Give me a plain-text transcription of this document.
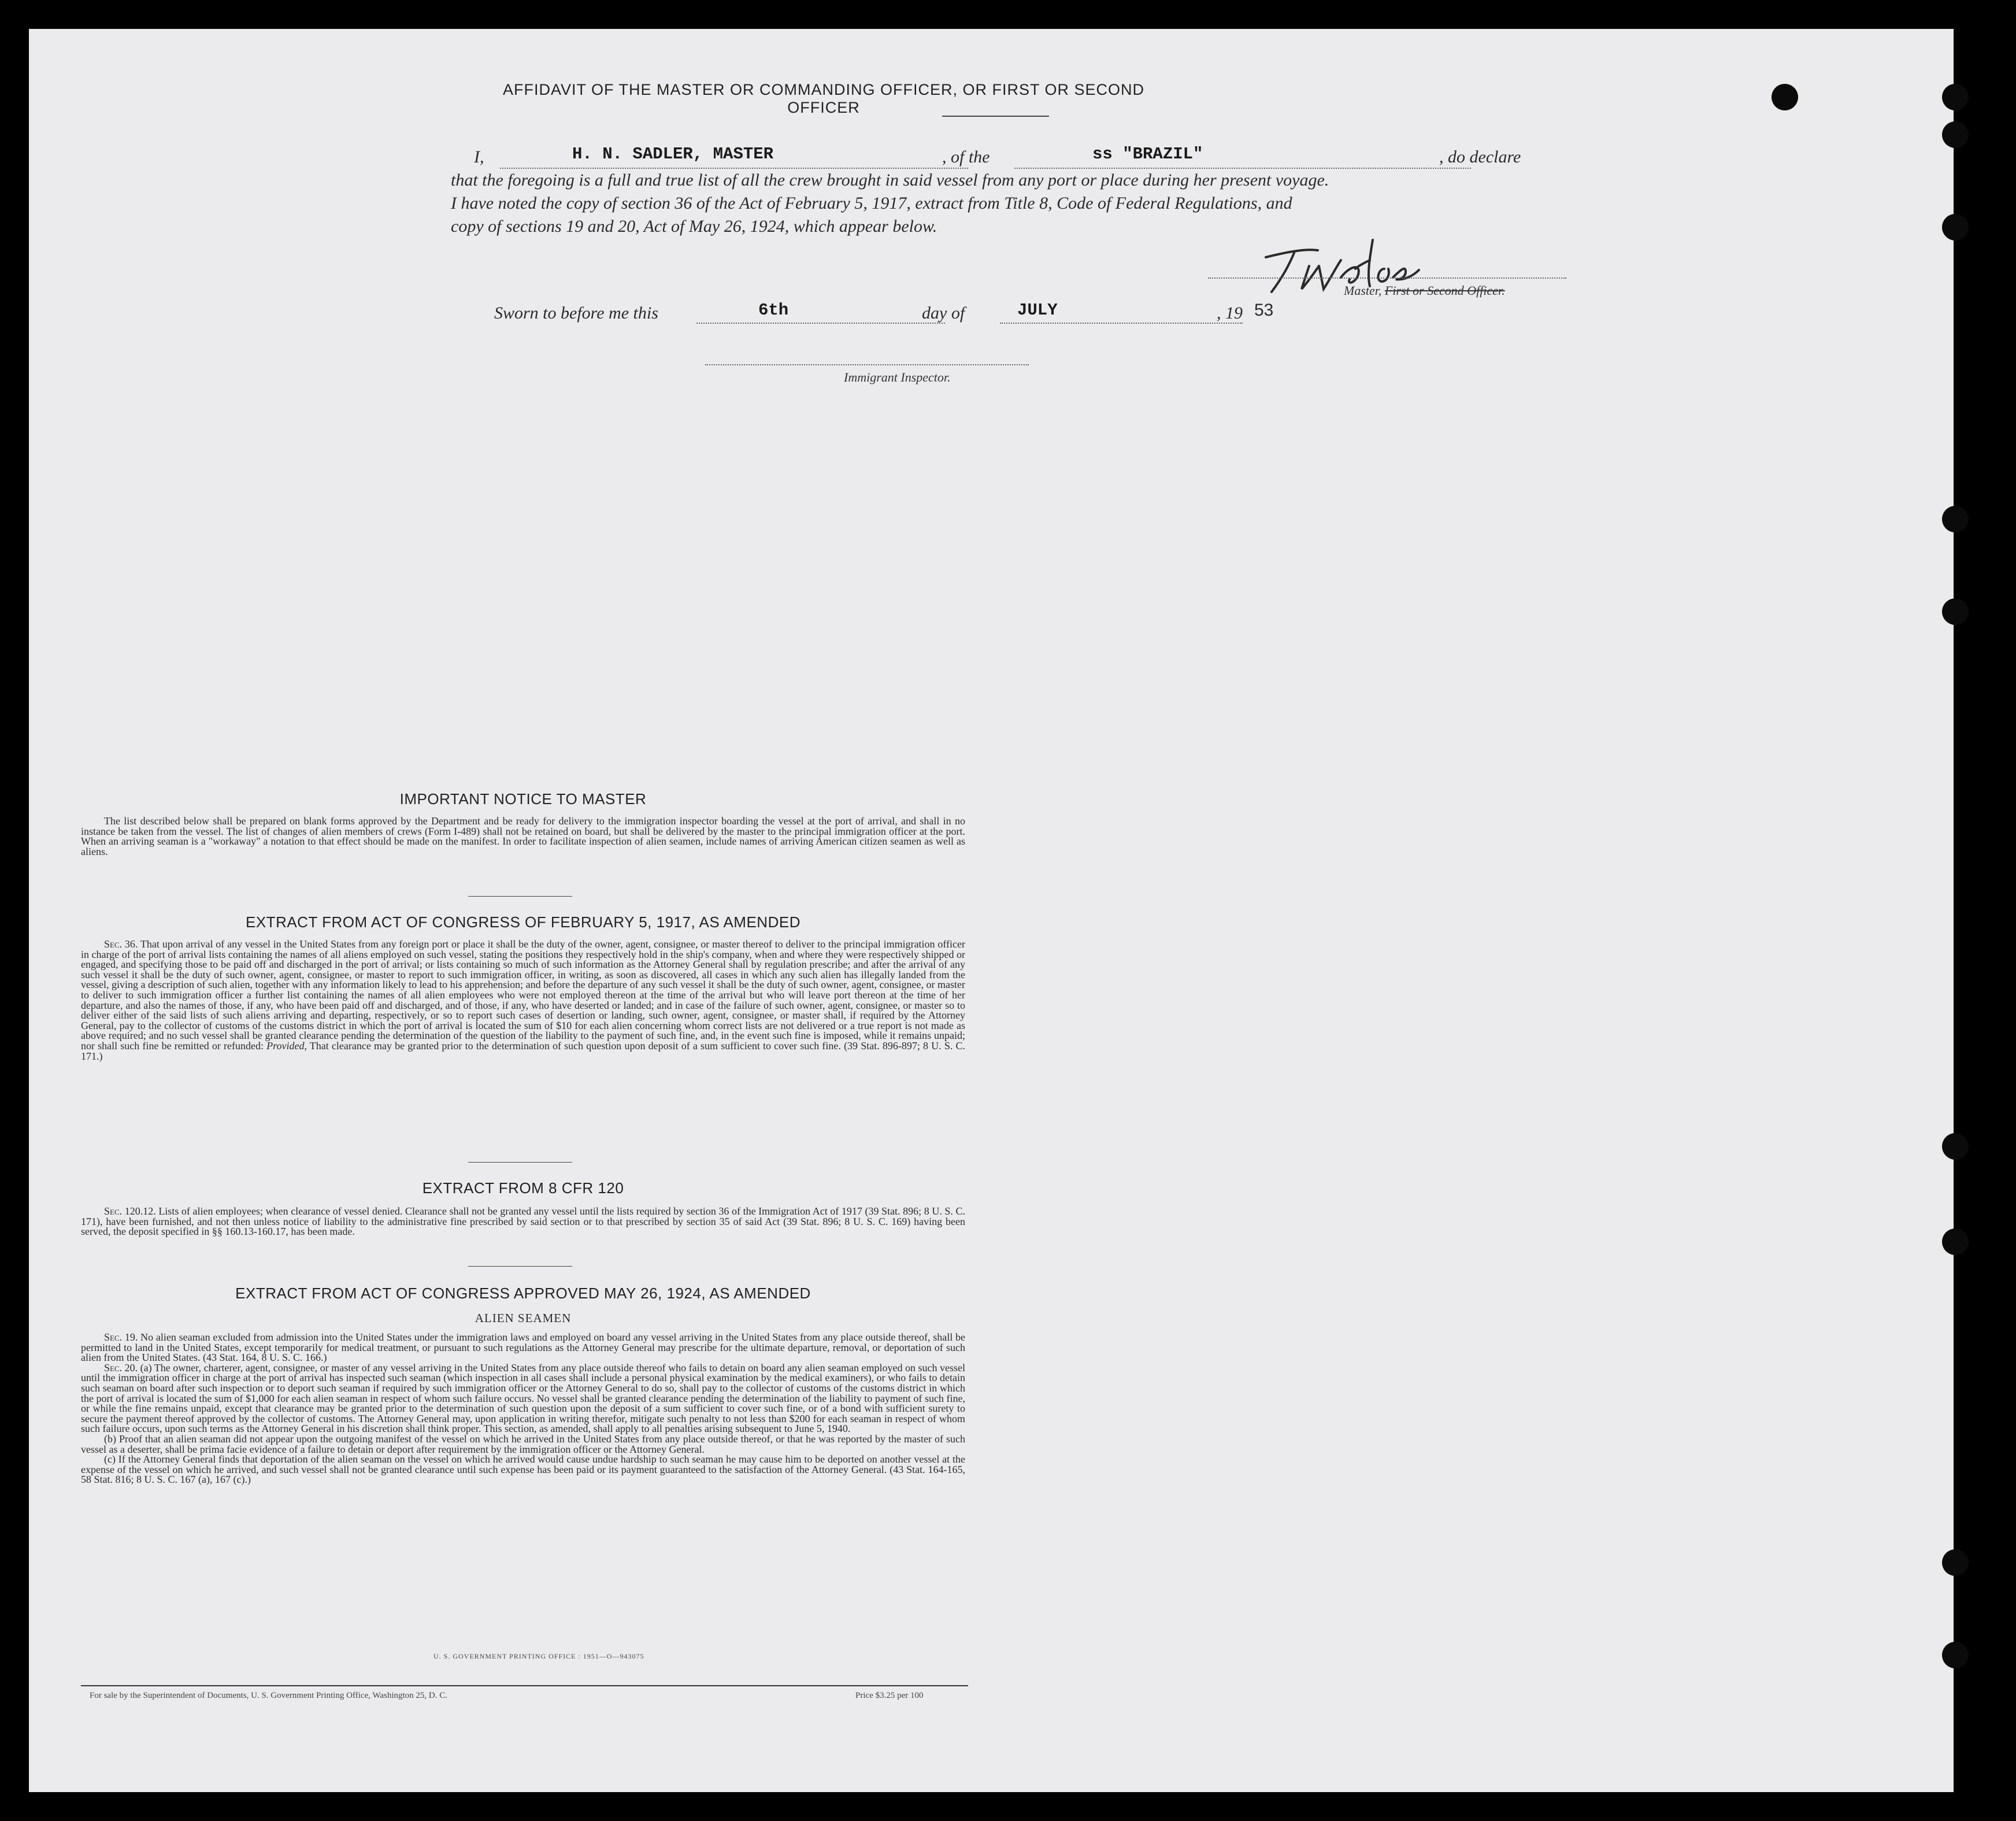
AFFIDAVIT OF THE MASTER OR COMMANDING OFFICER, OR FIRST OR SECOND OFFICER
I,	H. N. SADLER, MASTER	, of the	ss "BRAZIL"	, do declare
that the foregoing is a full and true list of all the crew brought in said vessel from any port or place during her present voyage.
I have noted the copy of section 36 of the Act of February 5, 1917, extract from Title 8, Code of Federal Regulations, and
copy of sections 19 and 20, Act of May 26, 1924, which appear below.
Master, First or Second Officer.
Sworn to before me this	6th	day of	JULY	, 19 53
Immigrant Inspector.
IMPORTANT NOTICE TO MASTER

The list described below shall be prepared on blank forms approved by the Department and be ready for delivery to the immigration inspector boarding the vessel at the port of arrival, and shall in no instance be taken from the vessel. The list of changes of alien members of crews (Form I-489) shall not be retained on board, but shall be delivered by the master to the principal immigration officer at the port. When an arriving seaman is a "workaway" a notation to that effect should be made on the manifest. In order to facilitate inspection of alien seamen, include names of arriving American citizen seamen as well as aliens.

EXTRACT FROM ACT OF CONGRESS OF FEBRUARY 5, 1917, AS AMENDED

Sec. 36. That upon arrival of any vessel in the United States from any foreign port or place it shall be the duty of the owner, agent, consignee, or master thereof to deliver to the principal immigration officer in charge of the port of arrival lists containing the names of all aliens employed on such vessel, stating the positions they respectively hold in the ship's company, when and where they were respectively shipped or engaged, and specifying those to be paid off and discharged in the port of arrival; or lists containing so much of such information as the Attorney General shall by regulation prescribe; and after the arrival of any such vessel it shall be the duty of such owner, agent, consignee, or master to report to such immigration officer, in writing, as soon as discovered, all cases in which any such alien has illegally landed from the vessel, giving a description of such alien, together with any information likely to lead to his apprehension; and before the departure of any such vessel it shall be the duty of such owner, agent, consignee, or master to deliver to such immigration officer a further list containing the names of all alien employees who were not employed thereon at the time of the arrival but who will leave port thereon at the time of her departure, and also the names of those, if any, who have been paid off and discharged, and of those, if any, who have deserted or landed; and in case of the failure of such owner, agent, consignee, or master so to deliver either of the said lists of such aliens arriving and departing, respectively, or so to report such cases of desertion or landing, such owner, agent, consignee, or master shall, if required by the Attorney General, pay to the collector of customs of the customs district in which the port of arrival is located the sum of $10 for each alien concerning whom correct lists are not delivered or a true report is not made as above required; and no such vessel shall be granted clearance pending the determination of the question of the liability to the payment of such fine, and, in the event such fine is imposed, while it remains unpaid; nor shall such fine be remitted or refunded: Provided, That clearance may be granted prior to the determination of such question upon deposit of a sum sufficient to cover such fine. (39 Stat. 896-897; 8 U. S. C. 171.)

EXTRACT FROM 8 CFR 120

Sec. 120.12. Lists of alien employees; when clearance of vessel denied. Clearance shall not be granted any vessel until the lists required by section 36 of the Immigration Act of 1917 (39 Stat. 896; 8 U. S. C. 171), have been furnished, and not then unless notice of liability to the administrative fine prescribed by said section or to that prescribed by section 35 of said Act (39 Stat. 896; 8 U. S. C. 169) having been served, the deposit specified in §§ 160.13-160.17, has been made.

EXTRACT FROM ACT OF CONGRESS APPROVED MAY 26, 1924, AS AMENDED
ALIEN SEAMEN

Sec. 19. No alien seaman excluded from admission into the United States under the immigration laws and employed on board any vessel arriving in the United States from any place outside thereof, shall be permitted to land in the United States, except temporarily for medical treatment, or pursuant to such regulations as the Attorney General may prescribe for the ultimate departure, removal, or deportation of such alien from the United States. (43 Stat. 164, 8 U. S. C. 166.)

Sec. 20. (a) The owner, charterer, agent, consignee, or master of any vessel arriving in the United States from any place outside thereof who fails to detain on board any alien seaman employed on such vessel until the immigration officer in charge at the port of arrival has inspected such seaman (which inspection in all cases shall include a personal physical examination by the medical examiners), or who fails to detain such seaman on board after such inspection or to deport such seaman if required by such immigration officer or the Attorney General to do so, shall pay to the collector of customs of the customs district in which the port of arrival is located the sum of $1,000 for each alien seaman in respect of whom such failure occurs. No vessel shall be granted clearance pending the determination of the liability to payment of such fine, or while the fine remains unpaid, except that clearance may be granted prior to the determination of such question upon the deposit of a sum sufficient to cover such fine, or of a bond with sufficient surety to secure the payment thereof approved by the collector of customs. The Attorney General may, upon application in writing therefor, mitigate such penalty to not less than $200 for each seaman in respect of whom such failure occurs, upon such terms as the Attorney General in his discretion shall think proper. This section, as amended, shall apply to all penalties arising subsequent to June 5, 1940.

(b) Proof that an alien seaman did not appear upon the outgoing manifest of the vessel on which he arrived in the United States from any place outside thereof, or that he was reported by the master of such vessel as a deserter, shall be prima facie evidence of a failure to detain or deport after requirement by the immigration officer or the Attorney General.

(c) If the Attorney General finds that deportation of the alien seaman on the vessel on which he arrived would cause undue hardship to such seaman he may cause him to be deported on another vessel at the expense of the vessel on which he arrived, and such vessel shall not be granted clearance until such expense has been paid or its payment guaranteed to the satisfaction of the Attorney General. (43 Stat. 164-165, 58 Stat. 816; 8 U. S. C. 167 (a), 167 (c).)

U. S. GOVERNMENT PRINTING OFFICE : 1951—O—943075
For sale by the Superintendent of Documents, U. S. Government Printing Office, Washington 25, D. C.	Price $3.25 per 100
